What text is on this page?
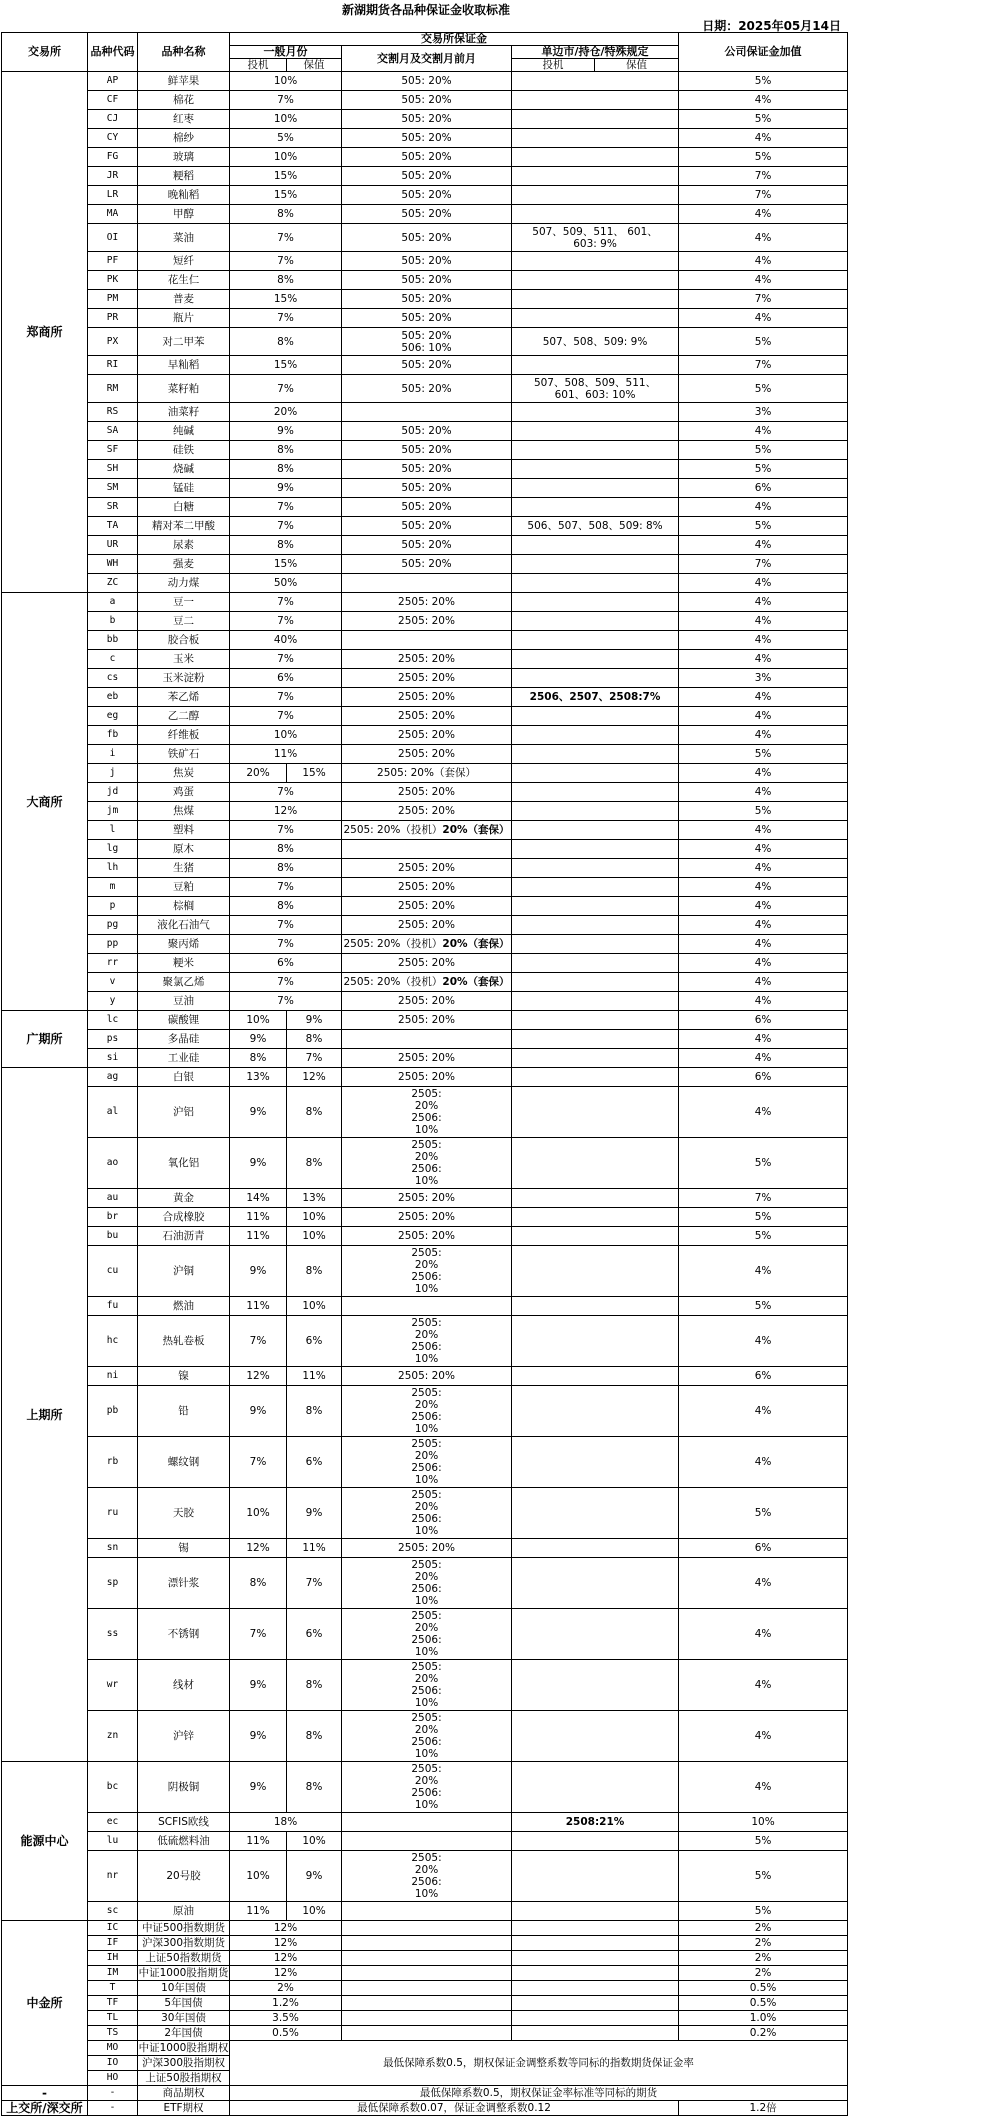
新湖期货各品种保证金收取标准
日期：2025年05月14日
交易所	品种代码	品种名称	交易所保证金					公司保证金加值
			一般月份		交割月及交割月前月	单边市/持仓/特殊规定		
			投机	保值		投机	保值	
郑商所	AP	鲜苹果	10%		505: 20%			5%
	CF	棉花	7%		505: 20%			4%
	CJ	红枣	10%		505: 20%			5%
	CY	棉纱	5%		505: 20%			4%
	FG	玻璃	10%		505: 20%			5%
	JR	粳稻	15%		505: 20%			7%
	LR	晚籼稻	15%		505: 20%			7%
	MA	甲醇	8%		505: 20%			4%
	OI	菜油	7%		505: 20%	507、509、511、 601、603: 9%		4%
	PF	短纤	7%		505: 20%			4%
	PK	花生仁	8%		505: 20%			4%
	PM	普麦	15%		505: 20%			7%
	PR	瓶片	7%		505: 20%			4%
	PX	对二甲苯	8%		505: 20% 506: 10%	507、508、509: 9%		5%
	RI	早籼稻	15%		505: 20%			7%
	RM	菜籽粕	7%		505: 20%	507、508、509、511、 601、603: 10%		5%
	RS	油菜籽	20%					3%
	SA	纯碱	9%		505: 20%			4%
	SF	硅铁	8%		505: 20%			5%
	SH	烧碱	8%		505: 20%			5%
	SM	锰硅	9%		505: 20%			6%
	SR	白糖	7%		505: 20%			4%
	TA	精对苯二甲酸	7%		505: 20%	506、507、508、509: 8%		5%
	UR	尿素	8%		505: 20%			4%
	WH	强麦	15%		505: 20%			7%
	ZC	动力煤	50%					4%
大商所	a	豆一	7%		2505: 20%			4%
	b	豆二	7%		2505: 20%			4%
	bb	胶合板	40%					4%
	c	玉米	7%		2505: 20%			4%
	cs	玉米淀粉	6%		2505: 20%			3%
	eb	苯乙烯	7%		2505: 20%	2506、2507、2508:7%		4%
	eg	乙二醇	7%		2505: 20%			4%
	fb	纤维板	10%		2505: 20%			4%
	i	铁矿石	11%		2505: 20%			5%
	j	焦炭	20%	15%	2505: 20%（套保）			4%
	jd	鸡蛋	7%		2505: 20%			4%
	jm	焦煤	12%		2505: 20%			5%
	l	塑料	7%		2505: 20%（投机）20%（套保）			4%
	lg	原木	8%					4%
	lh	生猪	8%		2505: 20%			4%
	m	豆粕	7%		2505: 20%			4%
	p	棕榈	8%		2505: 20%			4%
	pg	液化石油气	7%		2505: 20%			4%
	pp	聚丙烯	7%		2505: 20%（投机）20%（套保）			4%
	rr	粳米	6%		2505: 20%			4%
	v	聚氯乙烯	7%		2505: 20%（投机）20%（套保）			4%
	y	豆油	7%		2505: 20%			4%
广期所	lc	碳酸锂	10%	9%	2505: 20%			6%
	ps	多晶硅	9%	8%				4%
	si	工业硅	8%	7%	2505: 20%			4%
上期所	ag	白银	13%	12%	2505: 20%			6%
	al	沪铝	9%	8%	2505: 20% 2506: 10%			4%
	ao	氧化铝	9%	8%	2505: 20% 2506: 10%			5%
	au	黄金	14%	13%	2505: 20%			7%
	br	合成橡胶	11%	10%	2505: 20%			5%
	bu	石油沥青	11%	10%	2505: 20%			5%
	cu	沪铜	9%	8%	2505: 20% 2506: 10%			4%
	fu	燃油	11%	10%				5%
	hc	热轧卷板	7%	6%	2505: 20% 2506: 10%			4%
	ni	镍	12%	11%	2505: 20%			6%
	pb	铅	9%	8%	2505: 20% 2506: 10%			4%
	rb	螺纹钢	7%	6%	2505: 20% 2506: 10%			4%
	ru	天胶	10%	9%	2505: 20% 2506: 10%			5%
	sn	锡	12%	11%	2505: 20%			6%
	sp	漂针浆	8%	7%	2505: 20% 2506: 10%			4%
	ss	不锈钢	7%	6%	2505: 20% 2506: 10%			4%
	wr	线材	9%	8%	2505: 20% 2506: 10%			4%
	zn	沪锌	9%	8%	2505: 20% 2506: 10%			4%
能源中心	bc	阴极铜	9%	8%	2505: 20% 2506: 10%			4%
	ec	SCFIS欧线	18%			2508:21%		10%
	lu	低硫燃料油	11%	10%				5%
	nr	20号胶	10%	9%	2505: 20% 2506: 10%			5%
	sc	原油	11%	10%				5%
中金所	IC	中证500指数期货	12%					2%
	IF	沪深300指数期货	12%					2%
	IH	上证50指数期货	12%					2%
	IM	中证1000股指期货	12%					2%
	T	10年国债	2%					0.5%
	TF	5年国债	1.2%					0.5%
	TL	30年国债	3.5%					1.0%
	TS	2年国债	0.5%					0.2%
	MO	中证1000股指期权	最低保障系数0.5，期权保证金调整系数等同标的指数期货保证金率					
	IO	沪深300股指期权						
	HO	上证50股指期权						
-	-	商品期权	最低保障系数0.5，期权保证金率标准等同标的期货					
上交所/深交所	-	ETF期权	最低保障系数0.07，保证金调整系数0.12					1.2倍
